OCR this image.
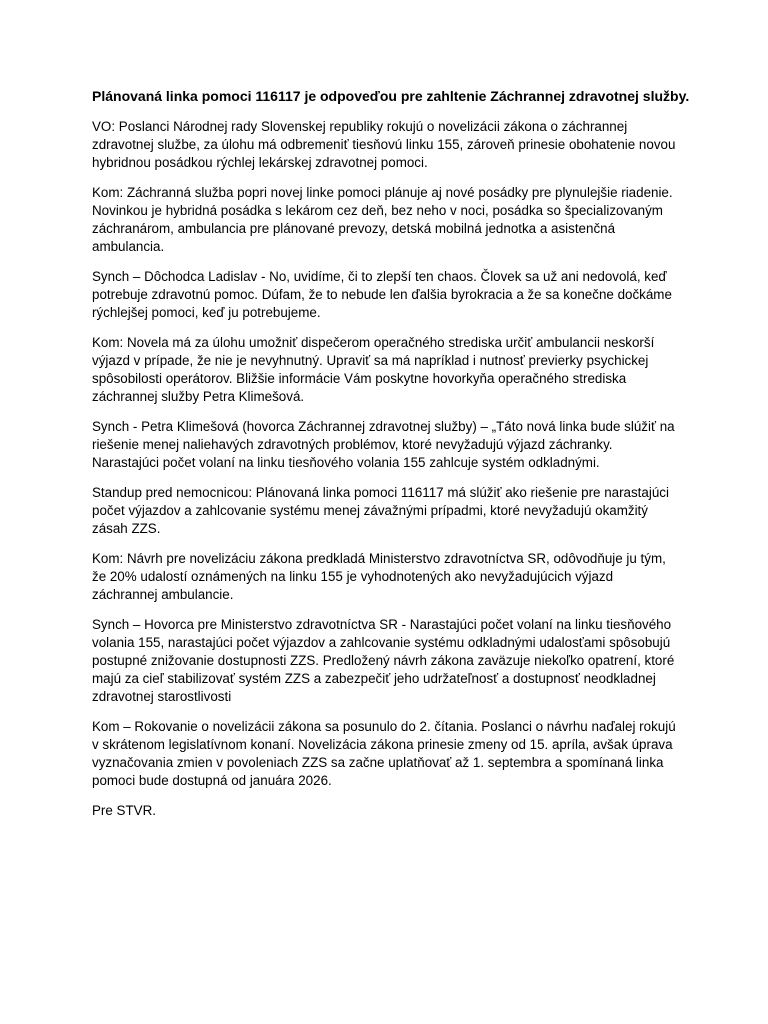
Plánovaná linka pomoci 116117 je odpoveďou pre zahltenie Záchrannej zdravotnej služby.

VO: Poslanci Národnej rady Slovenskej republiky rokujú o novelizácii zákona o záchrannej zdravotnej službe, za úlohu má odbremeniť tiesňovú linku 155, zároveň prinesie obohatenie novou hybridnou posádkou rýchlej lekárskej zdravotnej pomoci.

Kom: Záchranná služba popri novej linke pomoci plánuje aj nové posádky pre plynulejšie riadenie. Novinkou je hybridná posádka s lekárom cez deň, bez neho v noci, posádka so špecializovaným záchranárom, ambulancia pre plánované prevozy, detská mobilná jednotka a asistenčná ambulancia.

Synch – Dôchodca Ladislav - No, uvidíme, či to zlepší ten chaos. Človek sa už ani nedovolá, keď potrebuje zdravotnú pomoc. Dúfam, že to nebude len ďalšia byrokracia a že sa konečne dočkáme rýchlejšej pomoci, keď ju potrebujeme.

Kom: Novela má za úlohu umožniť dispečerom operačného strediska určiť ambulancii neskorší výjazd v prípade, že nie je nevyhnutný. Upraviť sa má napríklad i nutnosť previerky psychickej spôsobilosti operátorov. Bližšie informácie Vám poskytne hovorkyňa operačného strediska záchrannej služby Petra Klimešová.

Synch - Petra Klimešová (hovorca Záchrannej zdravotnej služby) – „Táto nová linka bude slúžiť na riešenie menej naliehavých zdravotných problémov, ktoré nevyžadujú výjazd záchranky. Narastajúci počet volaní na linku tiesňového volania 155 zahlcuje systém odkladnými.

Standup pred nemocnicou: Plánovaná linka pomoci 116117 má slúžiť ako riešenie pre narastajúci počet výjazdov a zahlcovanie systému menej závažnými prípadmi, ktoré nevyžadujú okamžitý zásah ZZS.

Kom: Návrh pre novelizáciu zákona predkladá Ministerstvo zdravotníctva SR, odôvodňuje ju tým, že 20% udalostí oznámených na linku 155 je vyhodnotených ako nevyžadujúcich výjazd záchrannej ambulancie.

Synch – Hovorca pre Ministerstvo zdravotníctva SR - Narastajúci počet volaní na linku tiesňového volania 155, narastajúci počet výjazdov a zahlcovanie systému odkladnými udalosťami spôsobujú postupné znižovanie dostupnosti ZZS. Predložený návrh zákona zaväzuje niekoľko opatrení, ktoré majú za cieľ stabilizovať systém ZZS a zabezpečiť jeho udržateľnosť a dostupnosť neodkladnej zdravotnej starostlivosti

Kom – Rokovanie o novelizácii zákona sa posunulo do 2. čítania. Poslanci o návrhu naďalej rokujú v skrátenom legislatívnom konaní. Novelizácia zákona prinesie zmeny od 15. apríla, avšak úprava vyznačovania zmien v povoleniach ZZS sa začne uplatňovať až 1. septembra a spomínaná linka pomoci bude dostupná od januára 2026.

Pre STVR.
